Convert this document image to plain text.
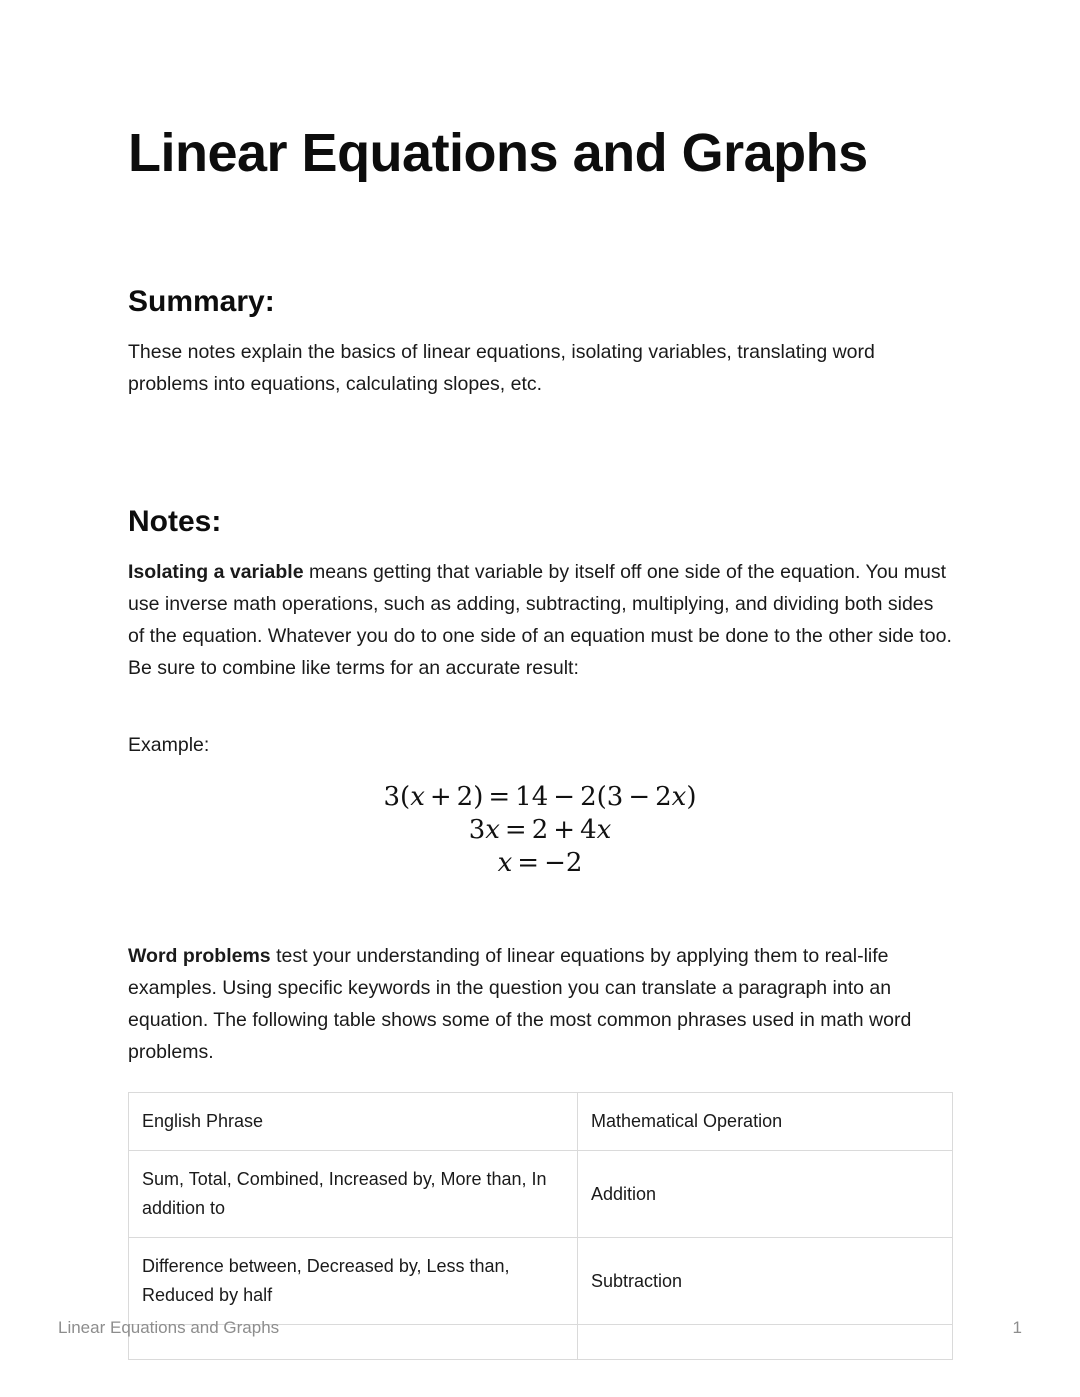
Linear Equations and Graphs
Summary:

These notes explain the basics of linear equations, isolating variables, translating word problems into equations, calculating slopes, etc.

Notes:

Isolating a variable means getting that variable by itself off one side of the equation. You must use inverse math operations, such as adding, subtracting, multiplying, and dividing both sides of the equation. Whatever you do to one side of an equation must be done to the other side too. Be sure to combine like terms for an accurate result:

Example:

3(x + 2) = 14 − 2(3 − 2x)
3x = 2 + 4x
x = −2

Word problems test your understanding of linear equations by applying them to real-life examples. Using specific keywords in the question you can translate a paragraph into an equation. The following table shows some of the most common phrases used in math word problems.

English Phrase	Mathematical Operation
Sum, Total, Combined, Increased by, More than, In addition to	Addition
Difference between, Decreased by, Less than, Reduced by half	Subtraction

Linear Equations and Graphs	1
